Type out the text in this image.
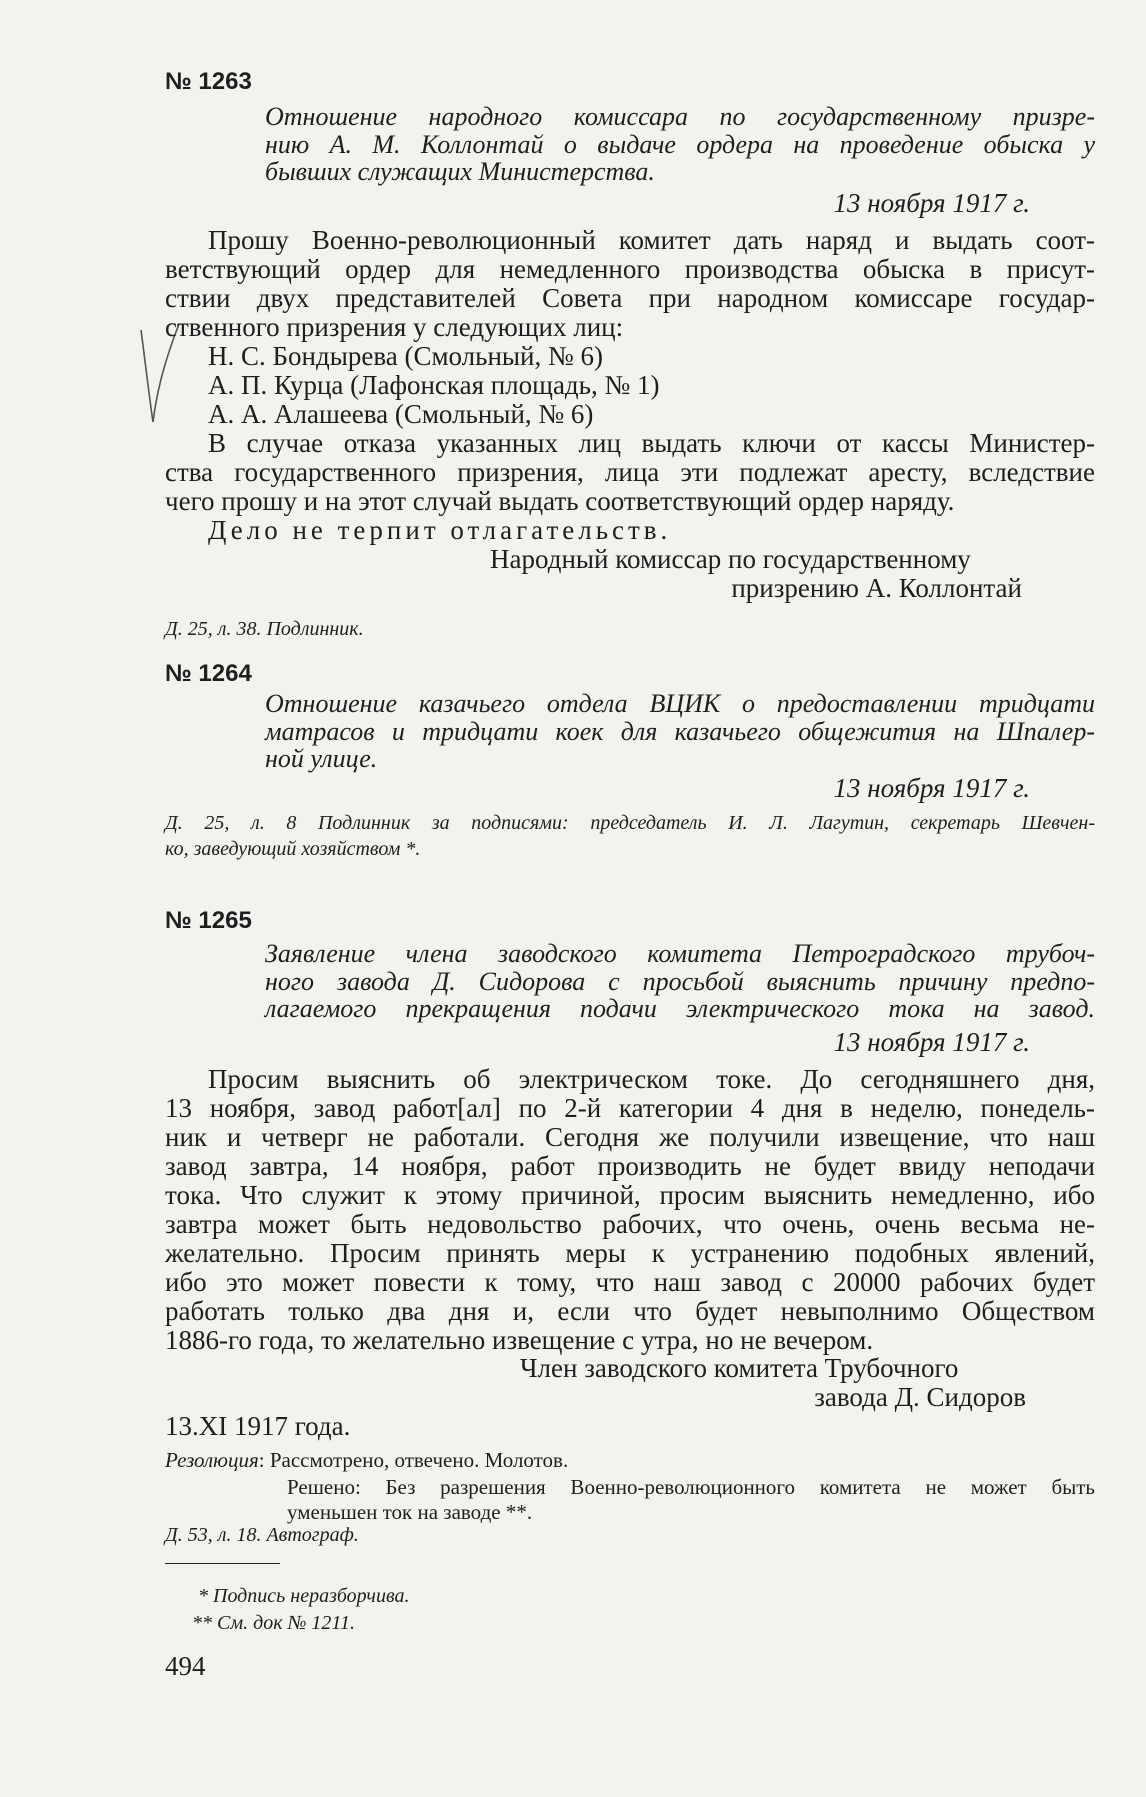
№ 1263
Отношение народного комиссара по государственному призре-
нию А. М. Коллонтай о выдаче ордера на проведение обыска у
бывших служащих Министерства.
13 ноября 1917 г.
Прошу Военно-революционный комитет дать наряд и выдать соот-
ветствующий ордер для немедленного производства обыска в присут-
ствии двух представителей Совета при народном комиссаре государ-
ственного призрения у следующих лиц:
Н. С. Бондырева (Смольный, № 6)
А. П. Курца (Лафонская площадь, № 1)
А. А. Алашеева (Смольный, № 6)
В случае отказа указанных лиц выдать ключи от кассы Министер-
ства государственного призрения, лица эти подлежат аресту, вследствие
чего прошу и на этот случай выдать соответствующий ордер наряду.
Дело не терпит отлагательств.
Народный комиссар по государственному
призрению А. Коллонтай
Д. 25, л. 38. Подлинник.
№ 1264
Отношение казачьего отдела ВЦИК о предоставлении тридцати
матрасов и тридцати коек для казачьего общежития на Шпалер-
ной улице.
13 ноября 1917 г.
Д. 25, л. 8 Подлинник за подписями: председатель И. Л. Лагутин, секретарь Шевчен-
ко, заведующий хозяйством *.
№ 1265
Заявление члена заводского комитета Петроградского трубоч-
ного завода Д. Сидорова с просьбой выяснить причину предпо-
лагаемого прекращения подачи электрического тока на завод.
13 ноября 1917 г.
Просим выяснить об электрическом токе. До сегодняшнего дня,
13 ноября, завод работ[ал] по 2-й категории 4 дня в неделю, понедель-
ник и четверг не работали. Сегодня же получили извещение, что наш
завод завтра, 14 ноября, работ производить не будет ввиду неподачи
тока. Что служит к этому причиной, просим выяснить немедленно, ибо
завтра может быть недовольство рабочих, что очень, очень весьма не-
желательно. Просим принять меры к устранению подобных явлений,
ибо это может повести к тому, что наш завод с 20000 рабочих будет
работать только два дня и, если что будет невыполнимо Обществом
1886-го года, то желательно извещение с утра, но не вечером.
Член заводского комитета Трубочного
завода Д. Сидоров
13.XI 1917 года.
Резолюция: Рассмотрено, отвечено. Молотов.
Решено: Без разрешения Военно-революционного комитета не может быть
уменьшен ток на заводе **.
Д. 53, л. 18. Автограф.
* Подпись неразборчива.
** См. док № 1211.
494
